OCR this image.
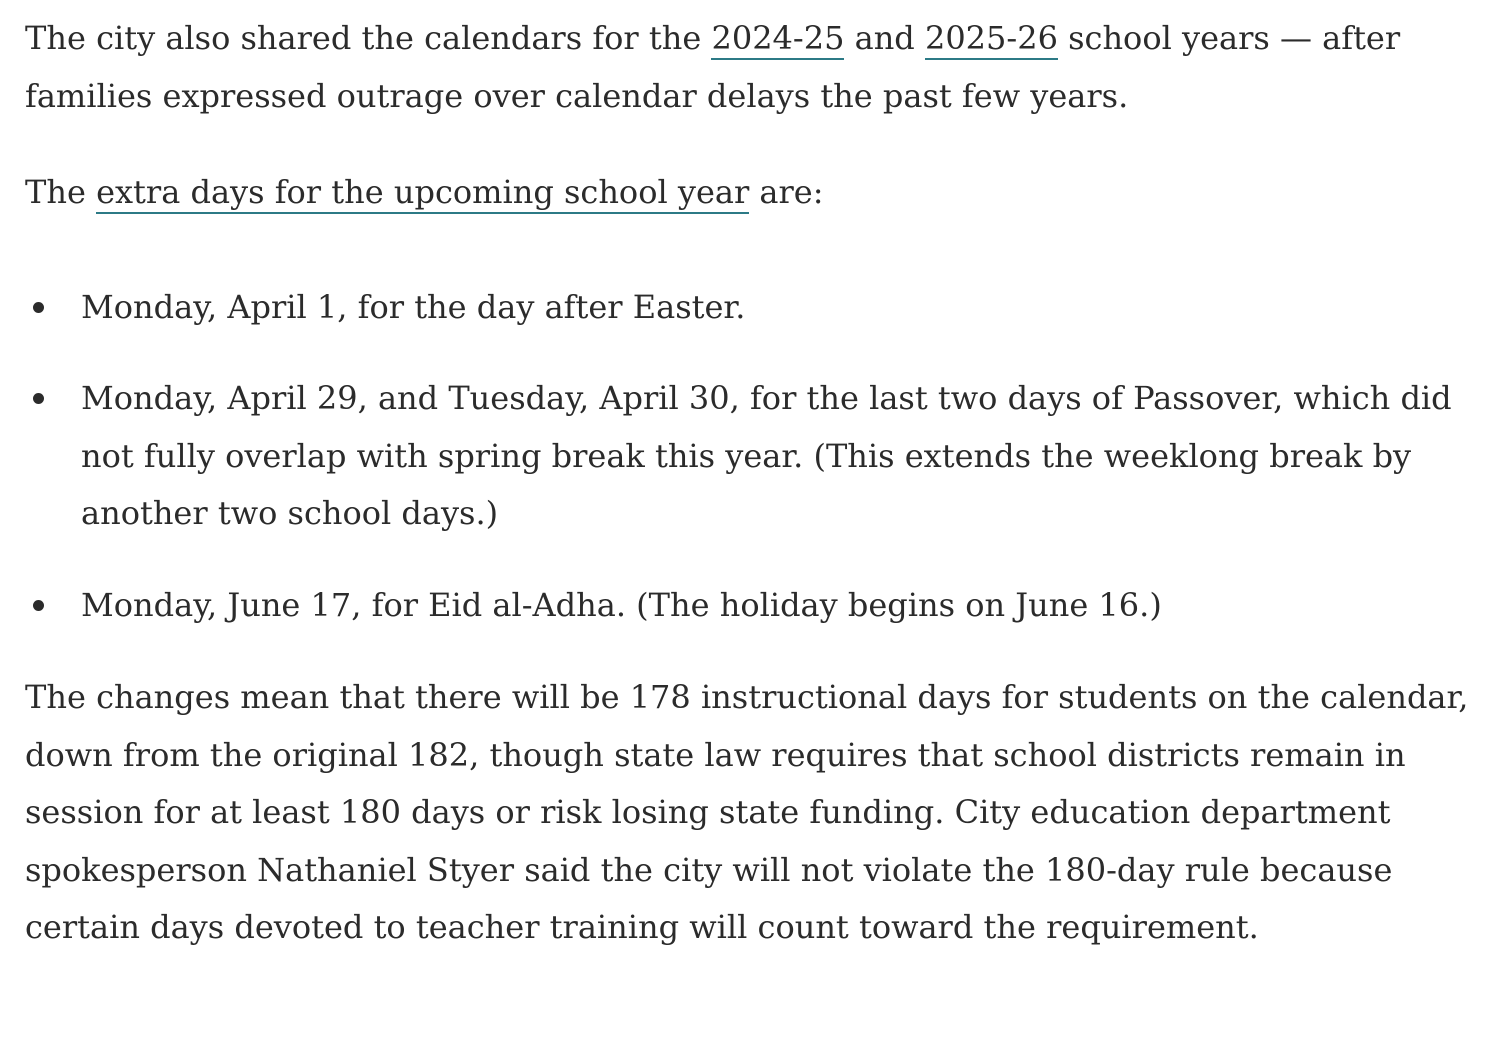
The city also shared the calendars for the 2024-25 and 2025-26 school years — after families expressed outrage over calendar delays the past few years.

The extra days for the upcoming school year are:

Monday, April 1, for the day after Easter.
Monday, April 29, and Tuesday, April 30, for the last two days of Passover, which did not fully overlap with spring break this year. (This extends the weeklong break by another two school days.)
Monday, June 17, for Eid al-Adha. (The holiday begins on June 16.)

The changes mean that there will be 178 instructional days for students on the calendar, down from the original 182, though state law requires that school districts remain in session for at least 180 days or risk losing state funding. City education department spokesperson Nathaniel Styer said the city will not violate the 180-day rule because certain days devoted to teacher training will count toward the requirement.
